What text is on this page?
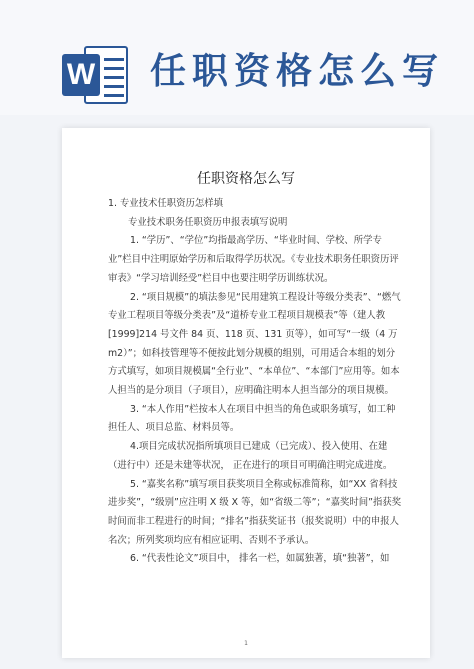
W 任职资格怎么写
任职资格怎么写

1. 专业技术任职资历怎样填

专业技术职务任职资历申报表填写说明

1. “学历”、“学位”均指最高学历、“毕业时间、学校、所学专业”栏目中注明原始学历和后取得学历状况。《专业技术职务任职资历评审表》“学习培训经受”栏目中也要注明学历训练状况。

2. “项目规模”的填法参见“民用建筑工程设计等级分类表”、“燃气专业工程项目等级分类表”及“道桥专业工程项目规模表”等（建人教[1999]214 号文件 84 页、118 页、131 页等），如可写“一级（4 万 m2）”；如科技管理等不便按此划分规模的组别，可用适合本组的划分方式填写，如项目规模属“全行业”、“本单位”、“本部门”应用等。如本人担当的是分项目（子项目），应明确注明本人担当部分的项目规模。

3. “本人作用”栏按本人在项目中担当的角色或职务填写，如工种担任人、项目总监、材料员等。

4.项目完成状况指所填项目已建成（已完成）、投入使用、在建（进行中）还是未建等状况， 正在进行的项目可明确注明完成进度。

5. “嘉奖名称”填写项目获奖项目全称或标准简称，如“XX 省科技进步奖”，“级别”应注明 X 级 X 等，如“省级二等”；“嘉奖时间”指获奖时间而非工程进行的时间；“排名”指获奖证书（报奖说明）中的申报人名次；所列奖项均应有相应证明、否则不予承认。

6. “代表性论文”项目中， 排名一栏，如属独著，填“独著”，如

1
